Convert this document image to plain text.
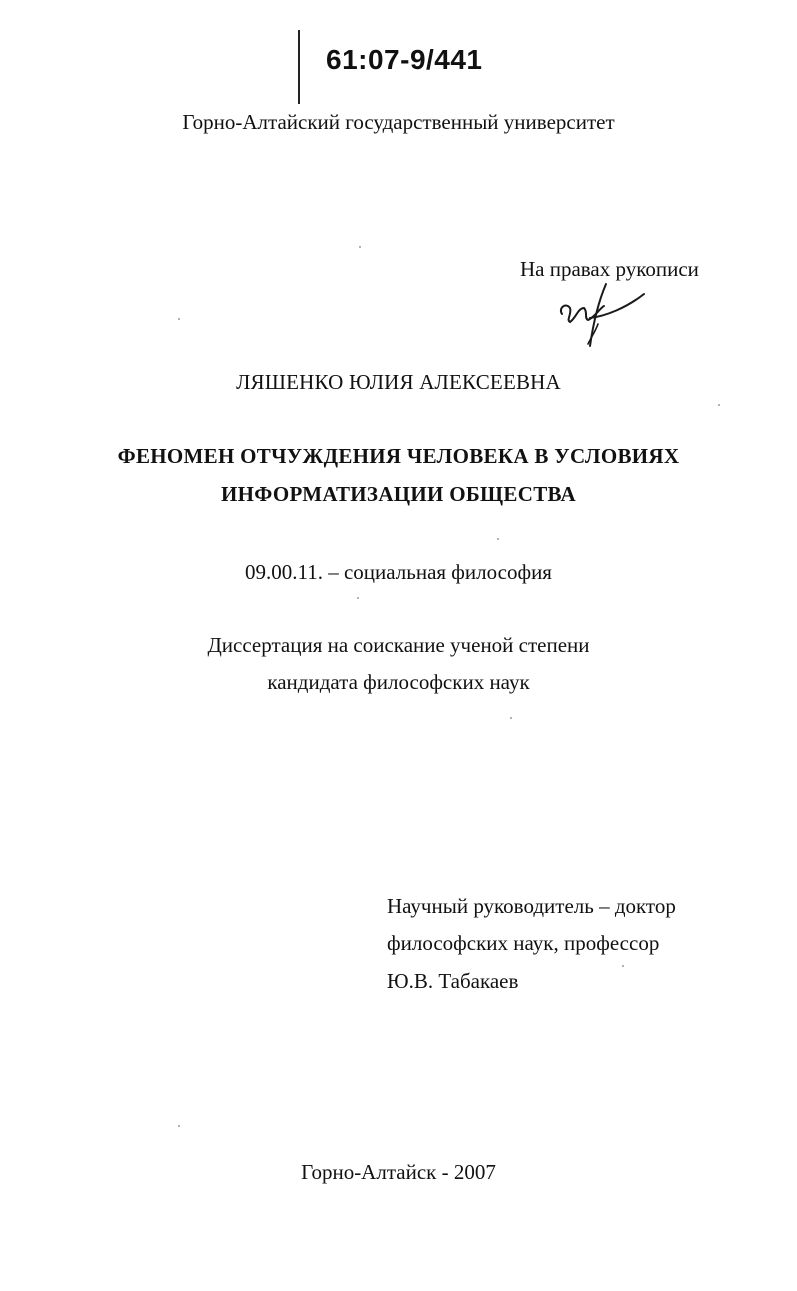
61:07-9/441
Горно-Алтайский государственный университет
На правах рукописи
ЛЯШЕНКО ЮЛИЯ АЛЕКСЕЕВНА
ФЕНОМЕН ОТЧУЖДЕНИЯ ЧЕЛОВЕКА В УСЛОВИЯХ
ИНФОРМАТИЗАЦИИ ОБЩЕСТВА
09.00.11. – социальная философия
Диссертация на соискание ученой степени
кандидата философских наук
Научный руководитель – доктор
философских наук, профессор
Ю.В. Табакаев
Горно-Алтайск - 2007
